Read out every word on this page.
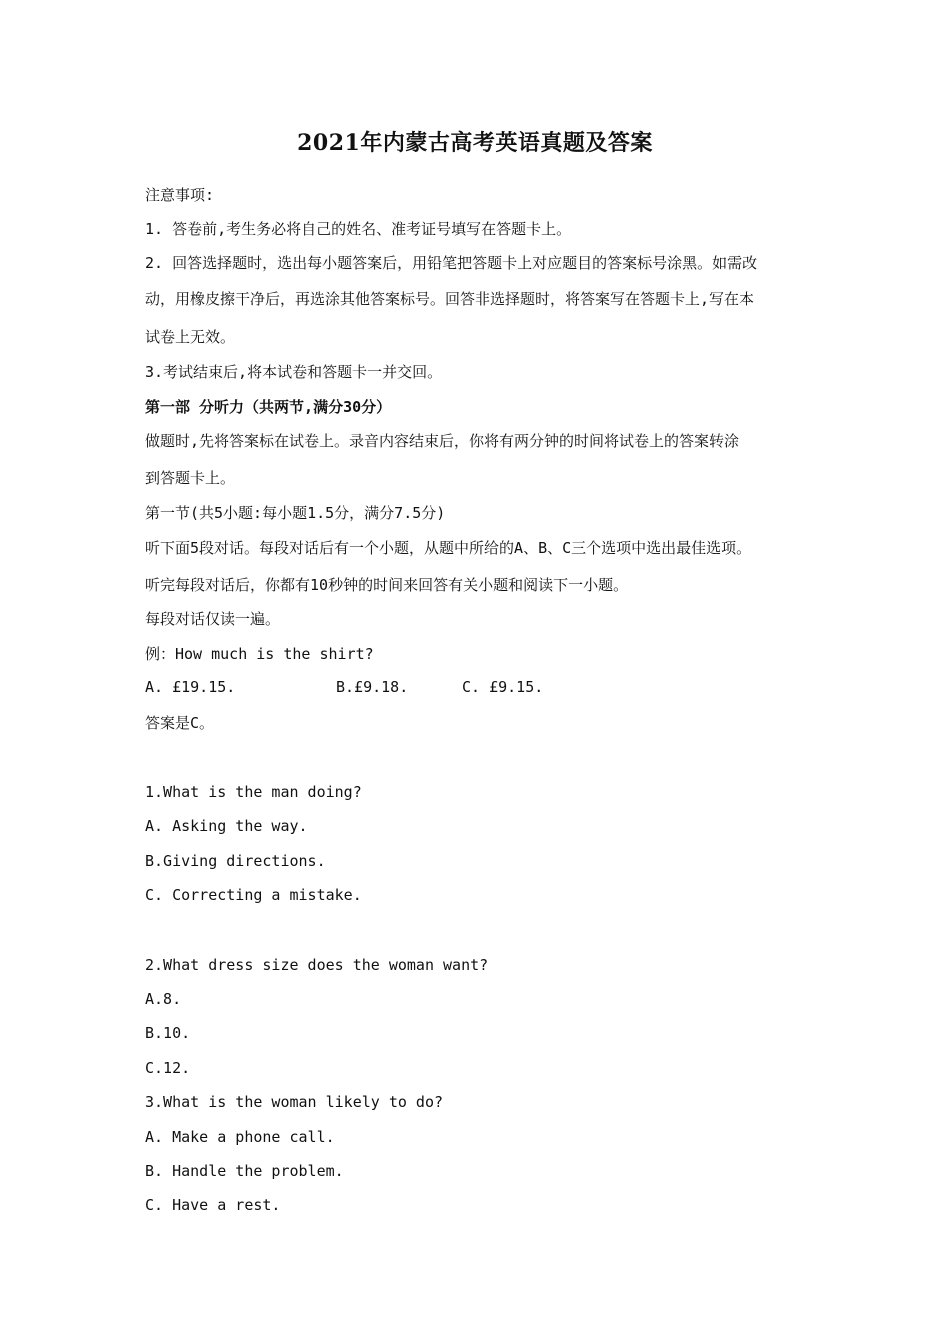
2021年内蒙古高考英语真题及答案
注意事项:
1. 答卷前,考生务必将自己的姓名、准考证号填写在答题卡上。
2. 回答选择题时，选出每小题答案后，用铅笔把答题卡上对应题目的答案标号涂黑。如需改
动，用橡皮擦干净后，再选涂其他答案标号。回答非选择题时，将答案写在答题卡上,写在本
试卷上无效。
3.考试结束后,将本试卷和答题卡一并交回。
第一部 分听力（共两节,满分30分）
做题时,先将答案标在试卷上。录音内容结束后，你将有两分钟的时间将试卷上的答案转涂
到答题卡上。
第一节(共5小题:每小题1.5分，满分7.5分)
听下面5段对话。每段对话后有一个小题，从题中所给的A、B、C三个选项中选出最佳选项。
听完每段对话后，你都有10秒钟的时间来回答有关小题和阅读下一小题。
每段对话仅读一遍。
例：How much is the shirt?
A. £19.15.	B.£9.18.	C. £9.15.
答案是C。
1.What is the man doing?
A. Asking the way.
B.Giving directions.
C. Correcting a mistake.
2.What dress size does the woman want?
A.8.
B.10.
C.12.
3.What is the woman likely to do?
A. Make a phone call.
B. Handle the problem.
C. Have a rest.
